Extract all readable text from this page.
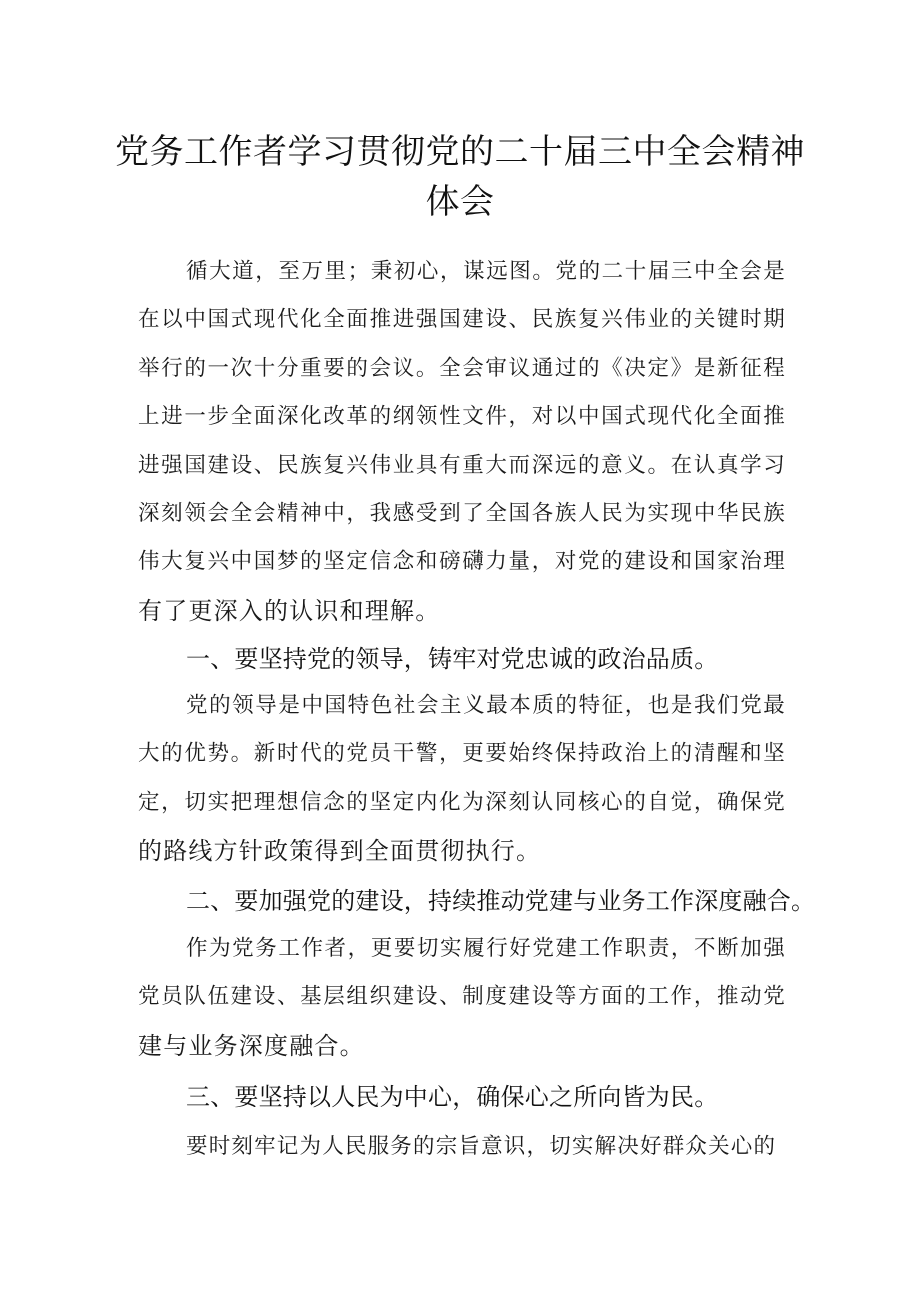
党务工作者学习贯彻党的二十届三中全会精神
体会
循大道，至万里；秉初心，谋远图。党的二十届三中全会是
在以中国式现代化全面推进强国建设、民族复兴伟业的关键时期
举行的一次十分重要的会议。全会审议通过的《决定》是新征程
上进一步全面深化改革的纲领性文件，对以中国式现代化全面推
进强国建设、民族复兴伟业具有重大而深远的意义。在认真学习
深刻领会全会精神中，我感受到了全国各族人民为实现中华民族
伟大复兴中国梦的坚定信念和磅礴力量，对党的建设和国家治理
有了更深入的认识和理解。
一、要坚持党的领导，铸牢对党忠诚的政治品质。
党的领导是中国特色社会主义最本质的特征，也是我们党最
大的优势。新时代的党员干警，更要始终保持政治上的清醒和坚
定，切实把理想信念的坚定内化为深刻认同核心的自觉，确保党
的路线方针政策得到全面贯彻执行。
二、要加强党的建设，持续推动党建与业务工作深度融合。
作为党务工作者，更要切实履行好党建工作职责，不断加强
党员队伍建设、基层组织建设、制度建设等方面的工作，推动党
建与业务深度融合。
三、要坚持以人民为中心，确保心之所向皆为民。
要时刻牢记为人民服务的宗旨意识，切实解决好群众关心的
